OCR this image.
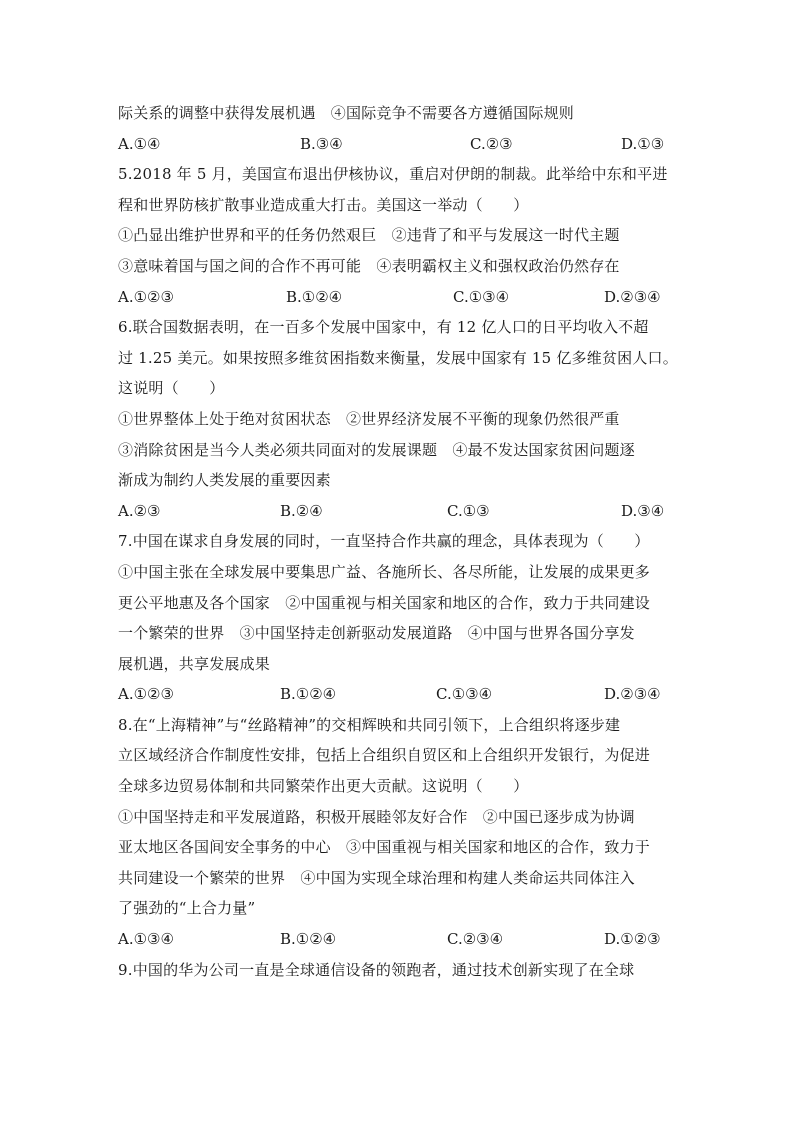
际关系的调整中获得发展机遇　④国际竞争不需要各方遵循国际规则
A.①④	B.③④	C.②③	D.①③
5.2018 年 5 月，美国宣布退出伊核协议，重启对伊朗的制裁。此举给中东和平进
程和世界防核扩散事业造成重大打击。美国这一举动（　　）
①凸显出维护世界和平的任务仍然艰巨　②违背了和平与发展这一时代主题
③意味着国与国之间的合作不再可能　④表明霸权主义和强权政治仍然存在
A.①②③	B.①②④	C.①③④	D.②③④
6.联合国数据表明，在一百多个发展中国家中，有 12 亿人口的日平均收入不超
过 1.25 美元。如果按照多维贫困指数来衡量，发展中国家有 15 亿多维贫困人口。
这说明（　　）
①世界整体上处于绝对贫困状态　②世界经济发展不平衡的现象仍然很严重
③消除贫困是当今人类必须共同面对的发展课题　④最不发达国家贫困问题逐
渐成为制约人类发展的重要因素
A.②③	B.②④	C.①③	D.③④
7.中国在谋求自身发展的同时，一直坚持合作共赢的理念，具体表现为（　　）
①中国主张在全球发展中要集思广益、各施所长、各尽所能，让发展的成果更多
更公平地惠及各个国家　②中国重视与相关国家和地区的合作，致力于共同建设
一个繁荣的世界　③中国坚持走创新驱动发展道路　④中国与世界各国分享发
展机遇，共享发展成果
A.①②③	B.①②④	C.①③④	D.②③④
8.在“上海精神”与“丝路精神”的交相辉映和共同引领下，上合组织将逐步建
立区域经济合作制度性安排，包括上合组织自贸区和上合组织开发银行，为促进
全球多边贸易体制和共同繁荣作出更大贡献。这说明（　　）
①中国坚持走和平发展道路，积极开展睦邻友好合作　②中国已逐步成为协调
亚太地区各国间安全事务的中心　③中国重视与相关国家和地区的合作，致力于
共同建设一个繁荣的世界　④中国为实现全球治理和构建人类命运共同体注入
了强劲的“上合力量”
A.①③④	B.①②④	C.②③④	D.①②③
9.中国的华为公司一直是全球通信设备的领跑者，通过技术创新实现了在全球
